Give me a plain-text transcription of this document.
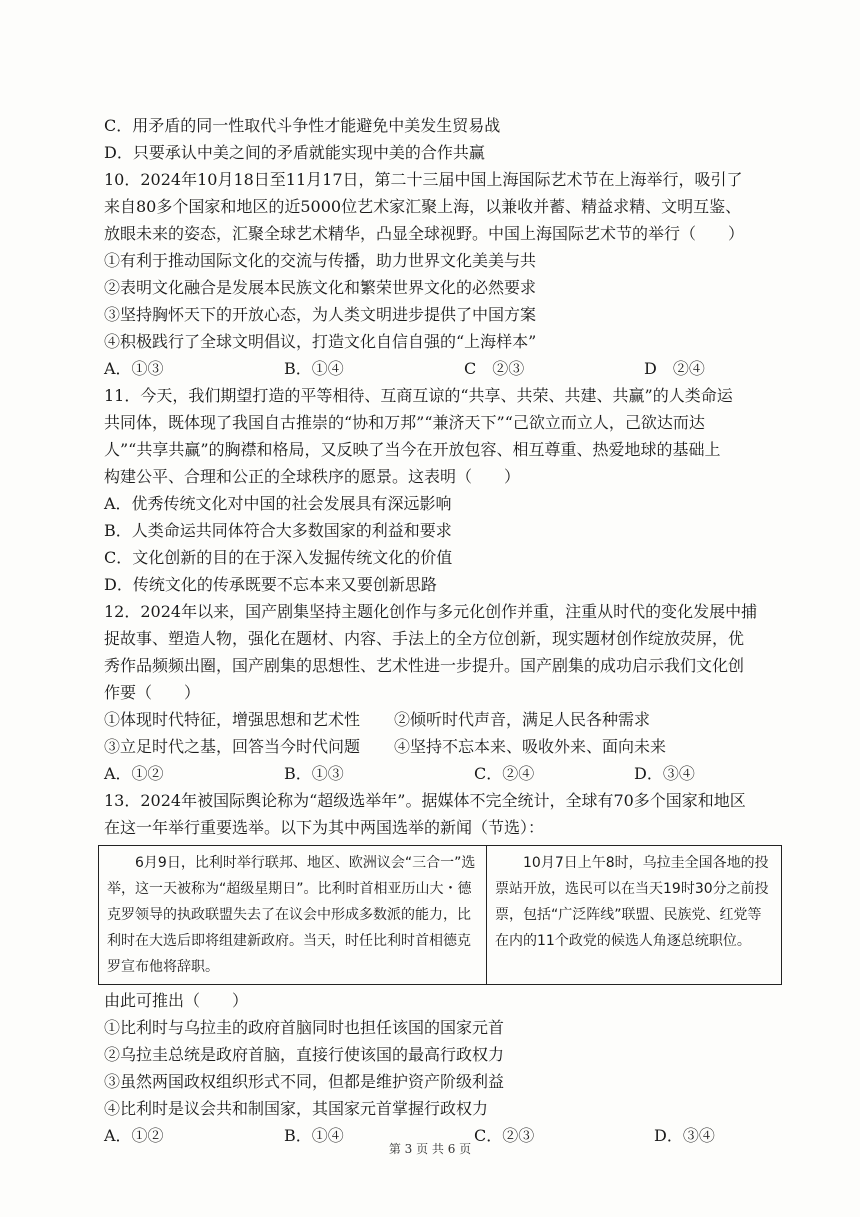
C．用矛盾的同一性取代斗争性才能避免中美发生贸易战
D．只要承认中美之间的矛盾就能实现中美的合作共赢
10．2024年10月18日至11月17日，第二十三届中国上海国际艺术节在上海举行，吸引了
来自80多个国家和地区的近5000位艺术家汇聚上海，以兼收并蓄、精益求精、文明互鉴、
放眼未来的姿态，汇聚全球艺术精华，凸显全球视野。中国上海国际艺术节的举行（　　）
①有利于推动国际文化的交流与传播，助力世界文化美美与共
②表明文化融合是发展本民族文化和繁荣世界文化的必然要求
③坚持胸怀天下的开放心态，为人类文明进步提供了中国方案
④积极践行了全球文明倡议，打造文化自信自强的“上海样本”
A．①③	B．①④	C　②③	D　②④
11．今天，我们期望打造的平等相待、互商互谅的“共享、共荣、共建、共赢”的人类命运
共同体，既体现了我国自古推崇的“协和万邦”“兼济天下”“己欲立而立人，己欲达而达
人”“共享共赢”的胸襟和格局，又反映了当今在开放包容、相互尊重、热爱地球的基础上
构建公平、合理和公正的全球秩序的愿景。这表明（　　）
A．优秀传统文化对中国的社会发展具有深远影响
B．人类命运共同体符合大多数国家的利益和要求
C．文化创新的目的在于深入发掘传统文化的价值
D．传统文化的传承既要不忘本来又要创新思路
12．2024年以来，国产剧集坚持主题化创作与多元化创作并重，注重从时代的变化发展中捕
捉故事、塑造人物，强化在题材、内容、手法上的全方位创新，现实题材创作绽放荧屏，优
秀作品频频出圈，国产剧集的思想性、艺术性进一步提升。国产剧集的成功启示我们文化创
作要（　　）
①体现时代特征，增强思想和艺术性	②倾听时代声音，满足人民各种需求
③立足时代之基，回答当今时代问题	④坚持不忘本来、吸收外来、面向未来
A．①②	B．①③	C．②④	D．③④
13．2024年被国际舆论称为“超级选举年”。据媒体不完全统计，全球有70多个国家和地区
在这一年举行重要选举。以下为其中两国选举的新闻（节选）：
　　6月9日，比利时举行联邦、地区、欧洲议会“三合一”选举，这一天被称为“超级星期日”。比利时首相亚历山大・德克罗领导的执政联盟失去了在议会中形成多数派的能力，比利时在大选后即将组建新政府。当天，时任比利时首相德克罗宣布他将辞职。
　　10月7日上午8时，乌拉圭全国各地的投票站开放，选民可以在当天19时30分之前投票，包括“广泛阵线”联盟、民族党、红党等在内的11个政党的候选人角逐总统职位。
由此可推出（　　）
①比利时与乌拉圭的政府首脑同时也担任该国的国家元首
②乌拉圭总统是政府首脑，直接行使该国的最高行政权力
③虽然两国政权组织形式不同，但都是维护资产阶级利益
④比利时是议会共和制国家，其国家元首掌握行政权力
A．①②	B．①④	C．②③	D．③④
第 3 页 共 6 页
